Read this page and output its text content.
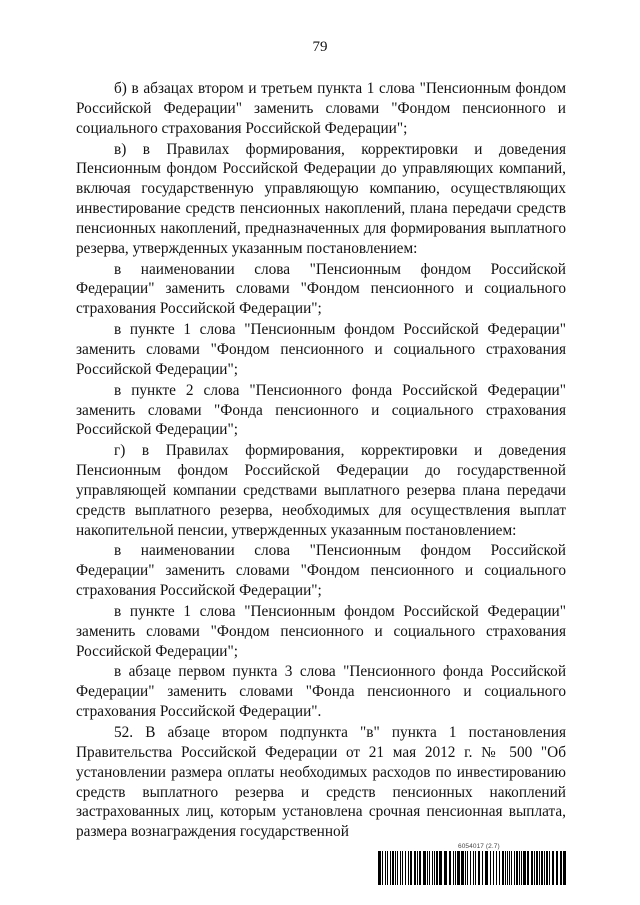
79

б) в абзацах втором и третьем пункта 1 слова "Пенсионным фондом Российской Федерации" заменить словами "Фондом пенсионного и социального страхования Российской Федерации";

в) в Правилах формирования, корректировки и доведения Пенсионным фондом Российской Федерации до управляющих компаний, включая государственную управляющую компанию, осуществляющих инвестирование средств пенсионных накоплений, плана передачи средств пенсионных накоплений, предназначенных для формирования выплатного резерва, утвержденных указанным постановлением:

в наименовании слова "Пенсионным фондом Российской Федерации" заменить словами "Фондом пенсионного и социального страхования Российской Федерации";

в пункте 1 слова "Пенсионным фондом Российской Федерации" заменить словами "Фондом пенсионного и социального страхования Российской Федерации";

в пункте 2 слова "Пенсионного фонда Российской Федерации" заменить словами "Фонда пенсионного и социального страхования Российской Федерации";

г) в Правилах формирования, корректировки и доведения Пенсионным фондом Российской Федерации до государственной управляющей компании средствами выплатного резерва плана передачи средств выплатного резерва, необходимых для осуществления выплат накопительной пенсии, утвержденных указанным постановлением:

в наименовании слова "Пенсионным фондом Российской Федерации" заменить словами "Фондом пенсионного и социального страхования Российской Федерации";

в пункте 1 слова "Пенсионным фондом Российской Федерации" заменить словами "Фондом пенсионного и социального страхования Российской Федерации";

в абзаце первом пункта 3 слова "Пенсионного фонда Российской Федерации" заменить словами "Фонда пенсионного и социального страхования Российской Федерации".

52. В абзаце втором подпункта "в" пункта 1 постановления Правительства Российской Федерации от 21 мая 2012 г. № 500 "Об установлении размера оплаты необходимых расходов по инвестированию средств выплатного резерва и средств пенсионных накоплений застрахованных лиц, которым установлена срочная пенсионная выплата, размера вознаграждения государственной

6054017 (2.7)
